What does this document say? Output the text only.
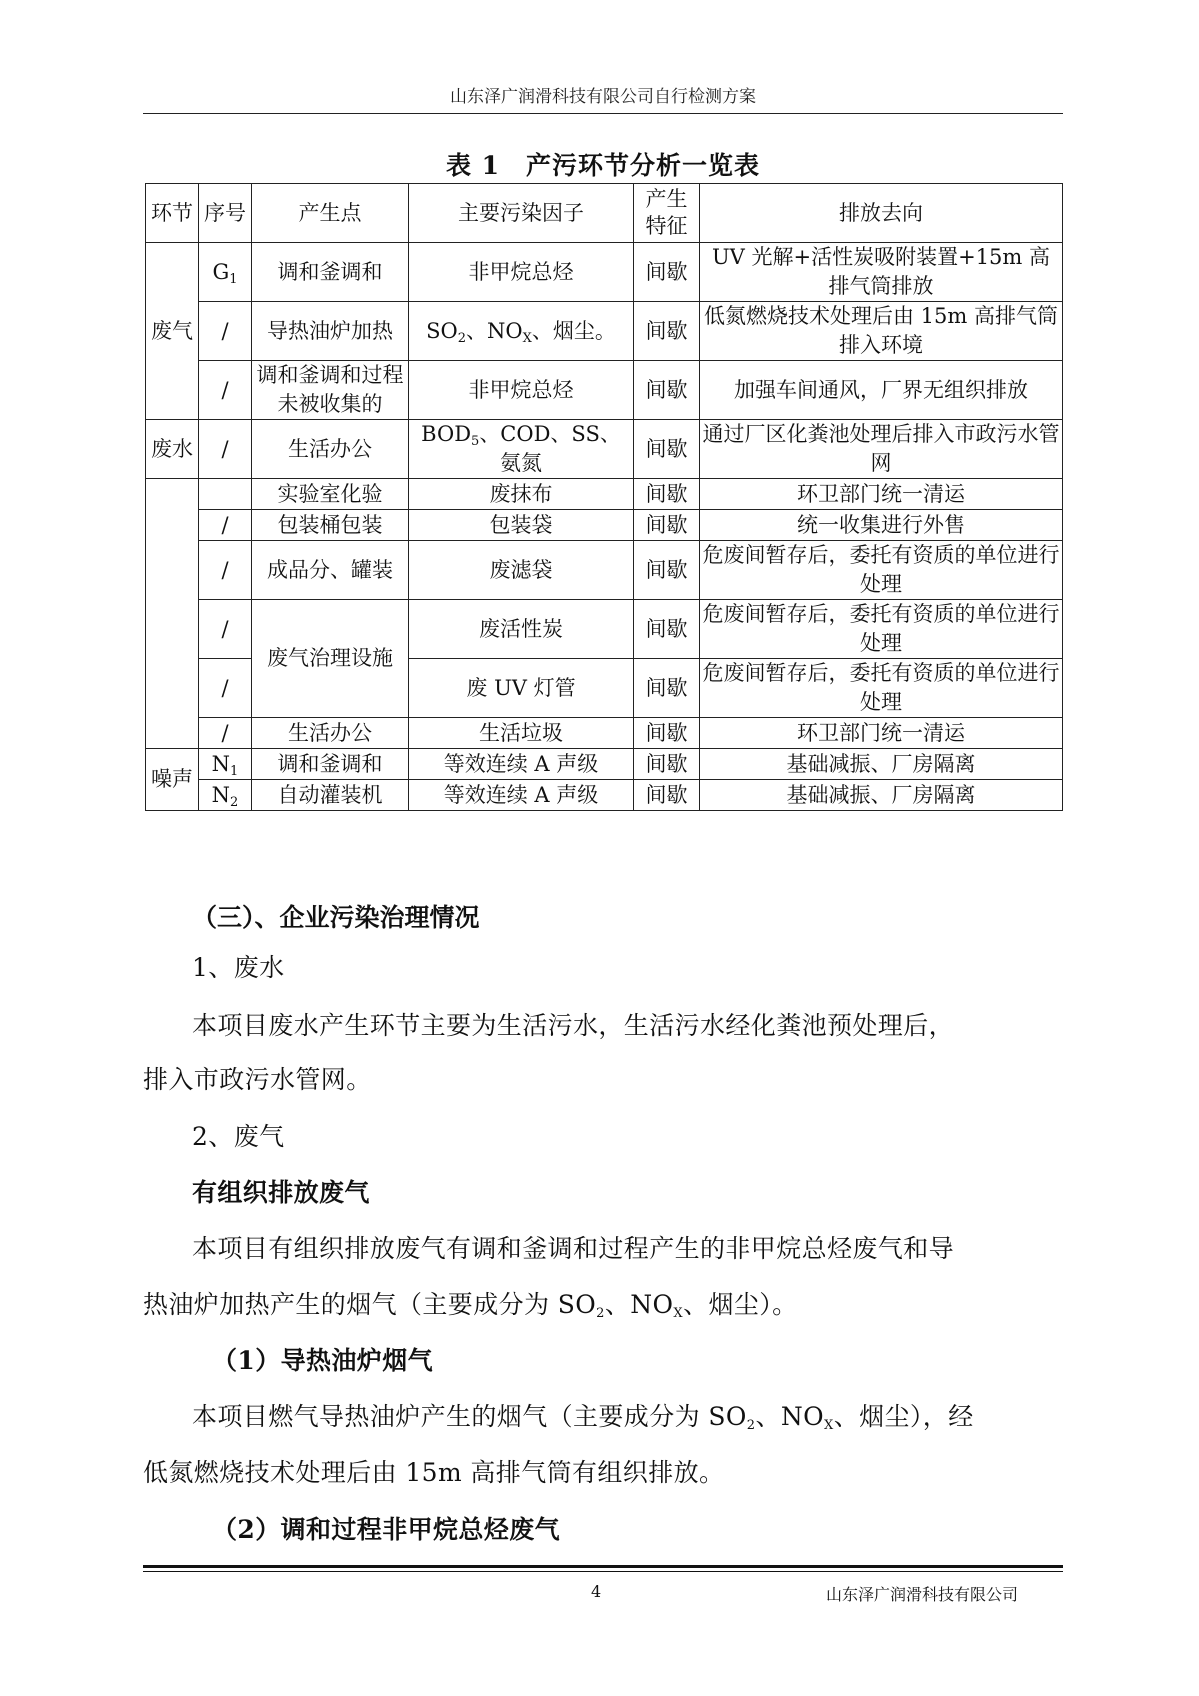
山东泽广润滑科技有限公司自行检测方案
表 1　产污环节分析一览表
环节	序号	产生点	主要污染因子	产生特征	排放去向
废气	$G_1$	调和釜调和	非甲烷总烃	间歇	UV 光解+活性炭吸附装置+15m 高排气筒排放
	/	导热油炉加热	$SO_2$、$NO_X$、烟尘。	间歇	低氮燃烧技术处理后由 15m 高排气筒排入环境
	/	调和釜调和过程未被收集的	非甲烷总烃	间歇	加强车间通风，厂界无组织排放
废水	/	生活办公	$BOD_5$、COD、SS、氨氮	间歇	通过厂区化粪池处理后排入市政污水管网
		实验室化验	废抹布	间歇	环卫部门统一清运
	/	包装桶包装	包装袋	间歇	统一收集进行外售
	/	成品分、罐装	废滤袋	间歇	危废间暂存后，委托有资质的单位进行处理
	/	废气治理设施	废活性炭	间歇	危废间暂存后，委托有资质的单位进行处理
	/		废 UV 灯管	间歇	危废间暂存后，委托有资质的单位进行处理
	/	生活办公	生活垃圾	间歇	环卫部门统一清运
噪声	$N_1$	调和釜调和	等效连续 A 声级	间歇	基础减振、厂房隔离
	$N_2$	自动灌装机	等效连续 A 声级	间歇	基础减振、厂房隔离
（三）、企业污染治理情况
1、废水
本项目废水产生环节主要为生活污水，生活污水经化粪池预处理后，
排入市政污水管网。
2、废气
有组织排放废气
本项目有组织排放废气有调和釜调和过程产生的非甲烷总烃废气和导
热油炉加热产生的烟气（主要成分为 $SO_2$、$NO_X$、烟尘）。
（1）导热油炉烟气
本项目燃气导热油炉产生的烟气（主要成分为 $SO_2$、$NO_X$、烟尘），经
低氮燃烧技术处理后由 15m 高排气筒有组织排放。
（2）调和过程非甲烷总烃废气
4	山东泽广润滑科技有限公司
